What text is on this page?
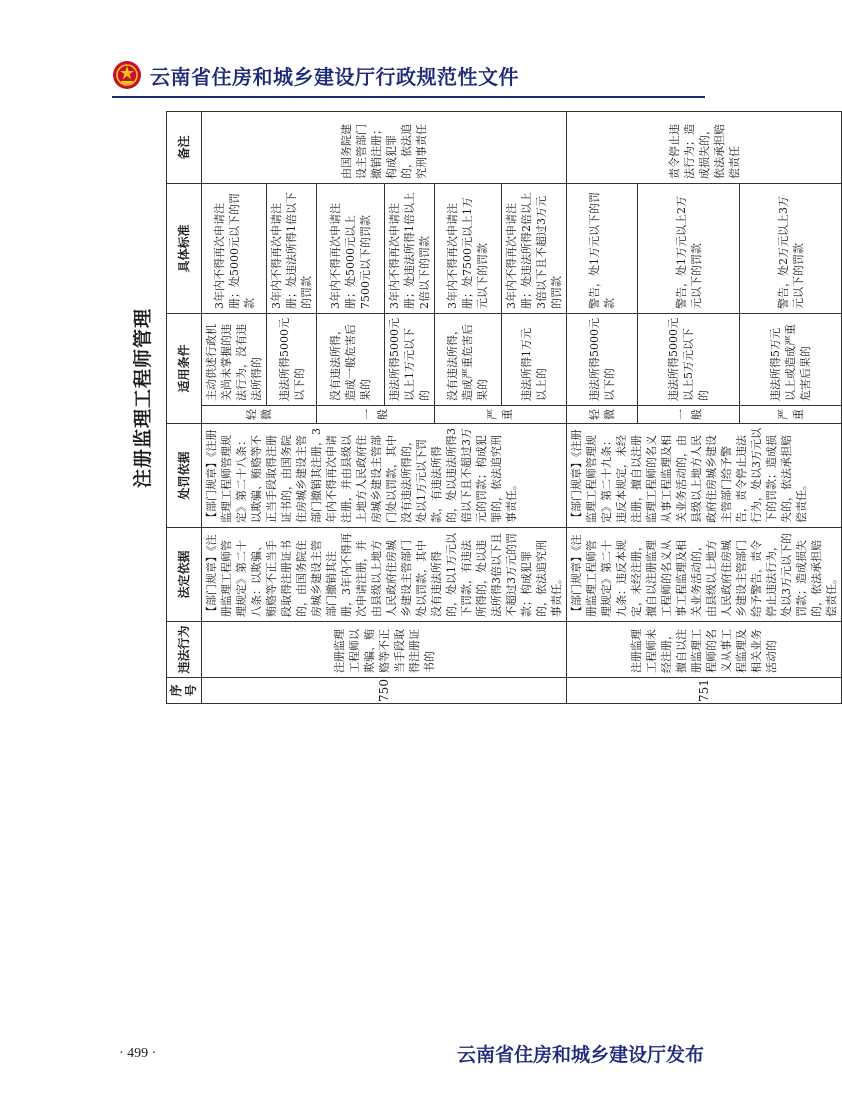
云南省住房和城乡建设厅行政规范性文件
注册监理工程师管理
序号	违法行为	法定依据	处罚依据	适用条件		具体标准	备注
750	注册监理工程师以欺骗、贿赂等不正当手段取得注册证书的	【部门规章】《注册监理工程师管理规定》第二十八条：以欺骗、贿赂等不正当手段取得注册证书的，由国务院住房城乡建设主管部门撤销其注册，3年内不得再次申请注册，并由县级以上地方人民政府住房城乡建设主管部门处以罚款，其中没有违法所得的，处以1万元以下罚款，有违法所得的，处以违法所得3倍以下且不超过3万元的罚款；构成犯罪的，依法追究刑事责任。	【部门规章】《注册监理工程师管理规定》第二十八条：以欺骗、贿赂等不正当手段取得注册证书的，由国务院住房城乡建设主管部门撤销其注册，3年内不得再次申请注册，并由县级以上地方人民政府住房城乡建设主管部门处以罚款，其中没有违法所得的，处以1万元以下罚款，有违法所得的，处以违法所得3倍以下且不超过3万元的罚款；构成犯罪的，依法追究刑事责任。	轻微	主动供述行政机关尚未掌握的违法行为，没有违法所得的	3年内不得再次申请注册；处5000元以下的罚款	由国务院建设主管部门撤销注册；构成犯罪的，依法追究刑事责任
					违法所得5000元以下的	3年内不得再次申请注册；处违法所得1倍以下的罚款	
				一般	没有违法所得，造成一般危害后果的	3年内不得再次申请注册；处5000元以上7500元以下的罚款	
					违法所得5000元以上1万元以下的	3年内不得再次申请注册；处违法所得1倍以上2倍以下的罚款	
				严重	没有违法所得，造成严重危害后果的	3年内不得再次申请注册；处7500元以上1万元以下的罚款	
					违法所得1万元以上的	3年内不得再次申请注册；处违法所得2倍以上3倍以下且不超过3万元的罚款	
751	注册监理工程师未经注册，擅自以注册监理工程师的名义从事工程监理及相关业务活动的	【部门规章】《注册监理工程师管理规定》第二十九条：违反本规定，未经注册，擅自以注册监理工程师的名义从事工程监理及相关业务活动的，由县级以上地方人民政府住房城乡建设主管部门给予警告，责令停止违法行为，处以3万元以下的罚款；造成损失的，依法承担赔偿责任。	【部门规章】《注册监理工程师管理规定》第二十九条：违反本规定，未经注册，擅自以注册监理工程师的名义从事工程监理及相关业务活动的，由县级以上地方人民政府住房城乡建设主管部门给予警告，责令停止违法行为，处以3万元以下的罚款；造成损失的，依法承担赔偿责任。	轻微	违法所得5000元以下的	警告，处1万元以下的罚款	责令停止违法行为；造成损失的，依法承担赔偿责任
				一般	违法所得5000元以上5万元以下的	警告，处1万元以上2万元以下的罚款	
				严重	违法所得5万元以上或造成严重危害后果的	警告，处2万元以上3万元以下的罚款	
· 499 ·	云南省住房和城乡建设厅发布
